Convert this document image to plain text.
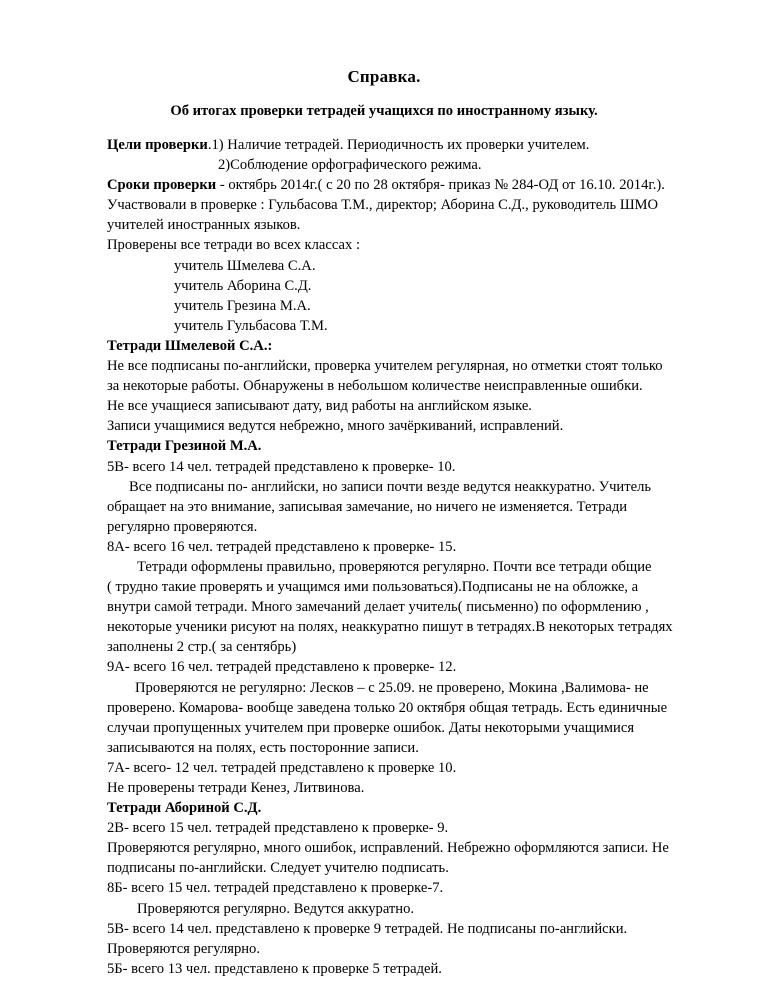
Справка.
Об итогах проверки тетрадей учащихся по иностранному языку.
Цели проверки.1) Наличие тетрадей. Периодичность их проверки учителем.
2)Соблюдение орфографического режима.
Сроки проверки - октябрь 2014г.( с 20 по 28 октября- приказ № 284-ОД от 16.10. 2014г.).
Участвовали в проверке : Гульбасова Т.М., директор; Аборина С.Д., руководитель ШМО
учителей иностранных языков.
Проверены все тетради во всех классах :
учитель Шмелева С.А.
учитель Аборина С.Д.
учитель Грезина М.А.
учитель Гульбасова Т.М.
Тетради Шмелевой С.А.:
Не все подписаны по-английски, проверка учителем регулярная, но отметки стоят только
за некоторые работы. Обнаружены в небольшом количестве неисправленные ошибки.
Не все учащиеся записывают дату, вид работы на английском языке.
Записи учащимися ведутся небрежно, много зачёркиваний, исправлений.
Тетради Грезиной М.А.
5В- всего 14 чел. тетрадей представлено к проверке- 10.
Все подписаны по- английски, но записи почти везде ведутся неаккуратно. Учитель
обращает на это внимание, записывая замечание, но ничего не изменяется. Тетради
регулярно проверяются.
8А- всего 16 чел. тетрадей представлено к проверке- 15.
Тетради оформлены правильно, проверяются регулярно. Почти все тетради общие
( трудно такие проверять и учащимся ими пользоваться).Подписаны не на обложке, а
внутри самой тетради. Много замечаний делает учитель( письменно) по оформлению ,
некоторые ученики рисуют на полях, неаккуратно пишут в тетрадях.В некоторых тетрадях
заполнены 2 стр.( за сентябрь)
9А- всего 16 чел. тетрадей представлено к проверке- 12.
Проверяются не регулярно: Лесков – с 25.09. не проверено, Мокина ,Валимова- не
проверено. Комарова- вообще заведена только 20 октября общая тетрадь. Есть единичные
случаи пропущенных учителем при проверке ошибок. Даты некоторыми учащимися
записываются на полях, есть посторонние записи.
7А- всего- 12 чел. тетрадей представлено к проверке 10.
Не проверены тетради Кенез, Литвинова.
Тетради Абориной С.Д.
2В- всего 15 чел. тетрадей представлено к проверке- 9.
Проверяются регулярно, много ошибок, исправлений. Небрежно оформляются записи. Не
подписаны по-английски. Следует учителю подписать.
8Б- всего 15 чел. тетрадей представлено к проверке-7.
Проверяются регулярно. Ведутся аккуратно.
5В- всего 14 чел. представлено к проверке 9 тетрадей. Не подписаны по-английски.
Проверяются регулярно.
5Б- всего 13 чел. представлено к проверке 5 тетрадей.
